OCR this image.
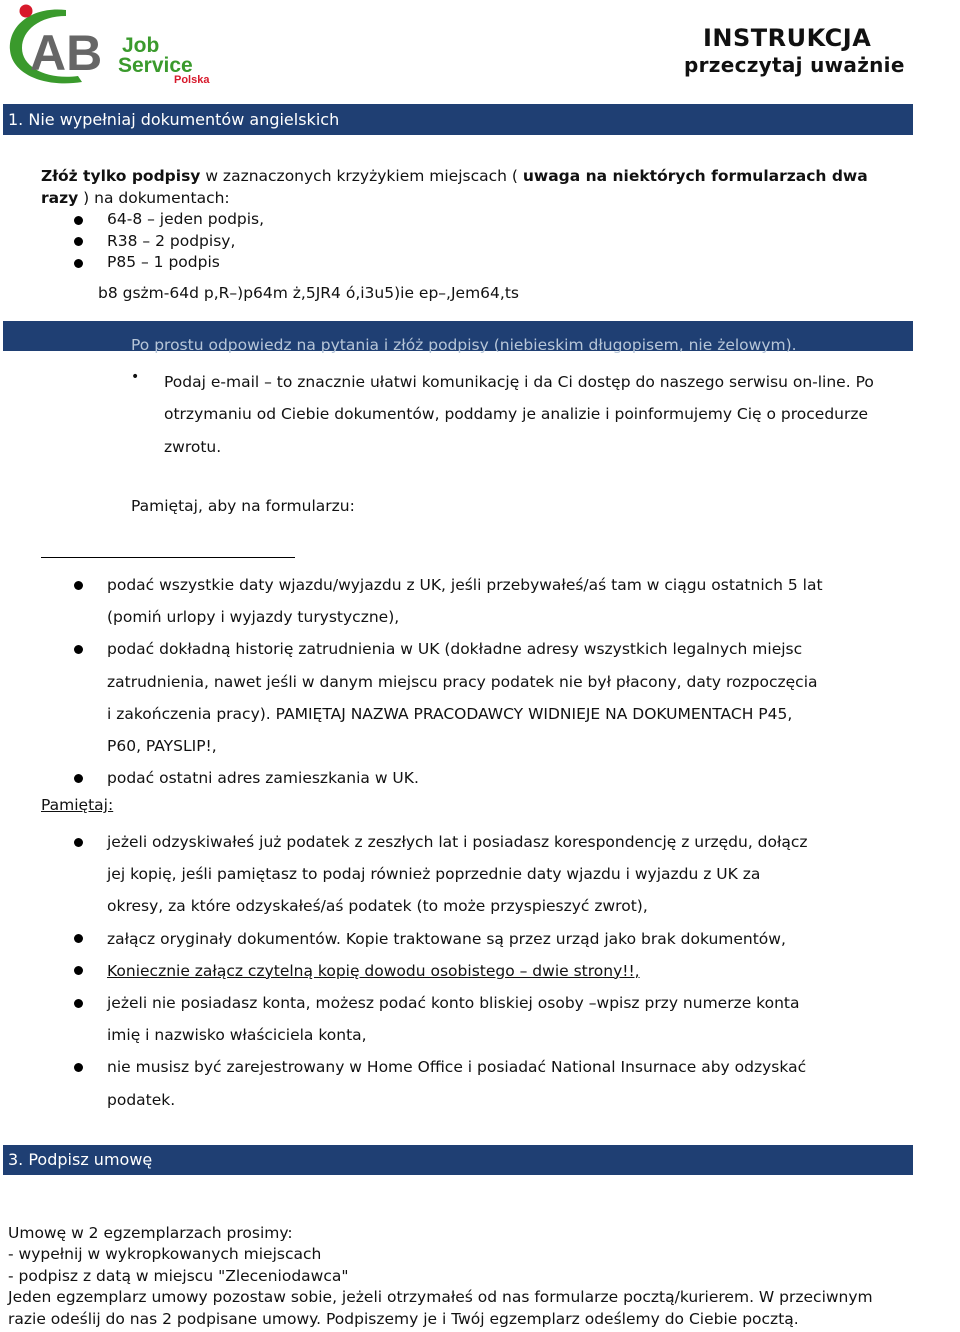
AB Job
Service
Polska
INSTRUKCJA
przeczytaj uważnie
1. Nie wypełniaj dokumentów angielskich
Złóż tylko podpisy w zaznaczonych krzyżykiem miejscach ( uwaga na niektórych formularzach dwa razy ) na dokumentach:
64-8 – jeden podpis,
R38 – 2 podpisy,
P85 – 1 podpis
b8 gsżm-64d p,R–)p64m ż,5JR4 ó,i3u5)ie ep–,Jem64,ts
Po prostu odpowiedz na pytania i złóż podpisy (niebieskim długopisem, nie żelowym).
• Podaj e-mail – to znacznie ułatwi komunikację i da Ci dostęp do naszego serwisu on-line. Po
otrzymaniu od Ciebie dokumentów, poddamy je analizie i poinformujemy Cię o procedurze
zwrotu.
Pamiętaj, aby na formularzu:
podać wszystkie daty wjazdu/wyjazdu z UK, jeśli przebywałeś/aś tam w ciągu ostatnich 5 lat
(pomiń urlopy i wyjazdy turystyczne),
podać dokładną historię zatrudnienia w UK (dokładne adresy wszystkich legalnych miejsc
zatrudnienia, nawet jeśli w danym miejscu pracy podatek nie był płacony, daty rozpoczęcia
i zakończenia pracy). PAMIĘTAJ NAZWA PRACODAWCY WIDNIEJE NA DOKUMENTACH P45,
P60, PAYSLIP!,
podać ostatni adres zamieszkania w UK.
Pamiętaj:
jeżeli odzyskiwałeś już podatek z zeszłych lat i posiadasz korespondencję z urzędu, dołącz
jej kopię, jeśli pamiętasz to podaj również poprzednie daty wjazdu i wyjazdu z UK za
okresy, za które odzyskałeś/aś podatek (to może przyspieszyć zwrot),
załącz oryginały dokumentów. Kopie traktowane są przez urząd jako brak dokumentów,
Koniecznie załącz czytelną kopię dowodu osobistego – dwie strony!!,
jeżeli nie posiadasz konta, możesz podać konto bliskiej osoby –wpisz przy numerze konta
imię i nazwisko właściciela konta,
nie musisz być zarejestrowany w Home Office i posiadać National Insurnace aby odzyskać
podatek.
3. Podpisz umowę
Umowę w 2 egzemplarzach prosimy:
- wypełnij w wykropkowanych miejscach
- podpisz z datą w miejscu "Zleceniodawca"
Jeden egzemplarz umowy pozostaw sobie, jeżeli otrzymałeś od nas formularze pocztą/kurierem. W przeciwnym
razie odeślij do nas 2 podpisane umowy. Podpiszemy je i Twój egzemplarz odeślemy do Ciebie pocztą.
